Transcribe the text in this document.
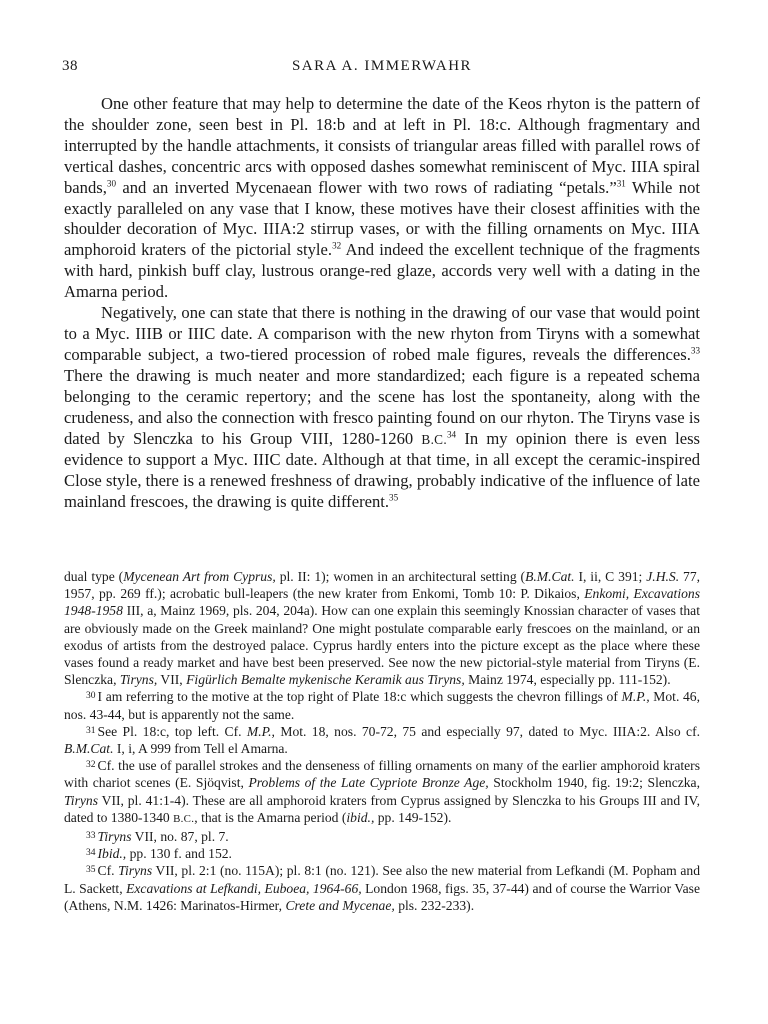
38	SARA A. IMMERWAHR

One other feature that may help to determine the date of the Keos rhyton is the pattern of the shoulder zone, seen best in Pl. 18:b and at left in Pl. 18:c. Although fragmentary and interrupted by the handle attachments, it consists of triangular areas filled with parallel rows of vertical dashes, concentric arcs with opposed dashes somewhat reminiscent of Myc. IIIA spiral bands,$^{30}$ and an inverted Mycenaean flower with two rows of radiating “petals.”$^{31}$ While not exactly paralleled on any vase that I know, these motives have their closest affinities with the shoulder decoration of Myc. IIIA:2 stirrup vases, or with the filling ornaments on Myc. IIIA amphoroid kraters of the pictorial style.$^{32}$ And indeed the excellent technique of the fragments with hard, pinkish buff clay, lustrous orange-red glaze, accords very well with a dating in the Amarna period.

Negatively, one can state that there is nothing in the drawing of our vase that would point to a Myc. IIIB or IIIC date. A comparison with the new rhyton from Tiryns with a somewhat comparable subject, a two-tiered procession of robed male figures, reveals the differences.$^{33}$ There the drawing is much neater and more standardized; each figure is a repeated schema belonging to the ceramic repertory; and the scene has lost the spontaneity, along with the crudeness, and also the connection with fresco painting found on our rhyton. The Tiryns vase is dated by Slenczka to his Group VIII, 1280-1260 B.C.$^{34}$ In my opinion there is even less evidence to support a Myc. IIIC date. Although at that time, in all except the ceramic-inspired Close style, there is a renewed freshness of drawing, probably indicative of the influence of late mainland frescoes, the drawing is quite different.$^{35}$

dual type (Mycenean Art from Cyprus, pl. II: 1); women in an architectural setting (B.M.Cat. I, ii, C 391; J.H.S. 77, 1957, pp. 269 ff.); acrobatic bull-leapers (the new krater from Enkomi, Tomb 10: P. Dikaios, Enkomi, Excavations 1948-1958 III, a, Mainz 1969, pls. 204, 204a). How can one explain this seemingly Knossian character of vases that are obviously made on the Greek mainland? One might postulate comparable early frescoes on the mainland, or an exodus of artists from the destroyed palace. Cyprus hardly enters into the picture except as the place where these vases found a ready market and have best been preserved. See now the new pictorial-style material from Tiryns (E. Slenczka, Tiryns, VII, Figürlich Bemalte mykenische Keramik aus Tiryns, Mainz 1974, especially pp. 111-152).

$^{30}$ I am referring to the motive at the top right of Plate 18:c which suggests the chevron fillings of M.P., Mot. 46, nos. 43-44, but is apparently not the same.

$^{31}$ See Pl. 18:c, top left. Cf. M.P., Mot. 18, nos. 70-72, 75 and especially 97, dated to Myc. IIIA:2. Also cf. B.M.Cat. I, i, A 999 from Tell el Amarna.

$^{32}$ Cf. the use of parallel strokes and the denseness of filling ornaments on many of the earlier amphoroid kraters with chariot scenes (E. Sjöqvist, Problems of the Late Cypriote Bronze Age, Stockholm 1940, fig. 19:2; Slenczka, Tiryns VII, pl. 41:1-4). These are all amphoroid kraters from Cyprus assigned by Slenczka to his Groups III and IV, dated to 1380-1340 B.C., that is the Amarna period (ibid., pp. 149-152).

$^{33}$ Tiryns VII, no. 87, pl. 7.

$^{34}$ Ibid., pp. 130 f. and 152.

$^{35}$ Cf. Tiryns VII, pl. 2:1 (no. 115A); pl. 8:1 (no. 121). See also the new material from Lefkandi (M. Popham and L. Sackett, Excavations at Lefkandi, Euboea, 1964-66, London 1968, figs. 35, 37-44) and of course the Warrior Vase (Athens, N.M. 1426: Marinatos-Hirmer, Crete and Mycenae, pls. 232-233).
